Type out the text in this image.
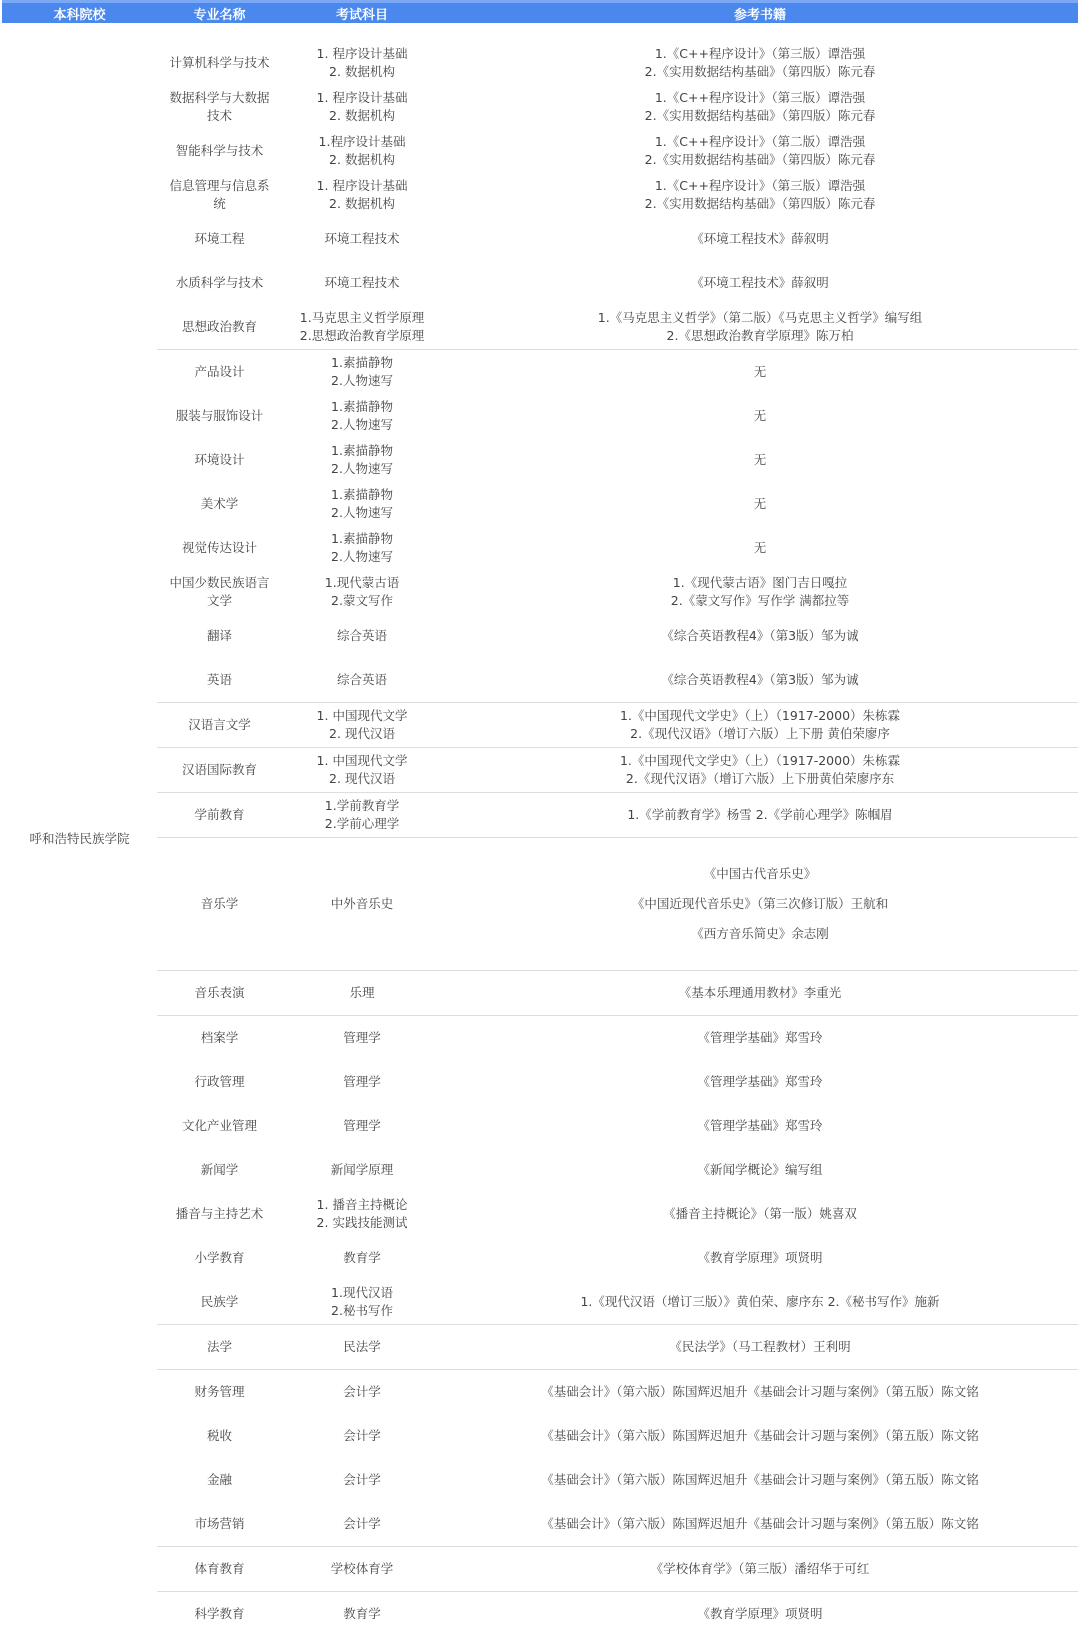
本科院校	专业名称	考试科目	参考书籍

呼和浩特民族学院	计算机科学与技术	1. 程序设计基础
2. 数据机构	1.《C++程序设计》（第三版）谭浩强
2.《实用数据结构基础》（第四版）陈元春

	数据科学与大数据
技术	1. 程序设计基础
2. 数据机构	1.《C++程序设计》（第三版）谭浩强
2.《实用数据结构基础》（第四版）陈元春

	智能科学与技术	1.程序设计基础
2. 数据机构	1.《C++程序设计》（第二版）谭浩强
2.《实用数据结构基础》（第四版）陈元春

	信息管理与信息系
统	1. 程序设计基础
2. 数据机构	1.《C++程序设计》（第三版）谭浩强
2.《实用数据结构基础》（第四版）陈元春

	环境工程	环境工程技术	《环境工程技术》薛叙明

	水质科学与技术	环境工程技术	《环境工程技术》薛叙明

	思想政治教育	1.马克思主义哲学原理
2.思想政治教育学原理	1.《马克思主义哲学》（第二版）《马克思主义哲学》编写组
2.《思想政治教育学原理》陈万柏

	产品设计	1.素描静物
2.人物速写	无

	服装与服饰设计	1.素描静物
2.人物速写	无

	环境设计	1.素描静物
2.人物速写	无

	美术学	1.素描静物
2.人物速写	无

	视觉传达设计	1.素描静物
2.人物速写	无

	中国少数民族语言
文学	1.现代蒙古语
2.蒙文写作	1.《现代蒙古语》图门吉日嘎拉
2.《蒙文写作》写作学 满都拉等

	翻译	综合英语	《综合英语教程4》（第3版）邹为诚

	英语	综合英语	《综合英语教程4》（第3版）邹为诚

	汉语言文学	1. 中国现代文学
2. 现代汉语	1.《中国现代文学史》（上）（1917-2000）朱栋霖
2.《现代汉语》（增订六版）上下册 黄伯荣廖序

	汉语国际教育	1. 中国现代文学
2. 现代汉语	1.《中国现代文学史》（上）（1917-2000）朱栋霖
2.《现代汉语》（增订六版）上下册黄伯荣廖序东

	学前教育	1.学前教育学
2.学前心理学	1.《学前教育学》杨雪 2.《学前心理学》陈帼眉

	音乐学	中外音乐史	《中国古代音乐史》
《中国近现代音乐史》（第三次修订版）王航和
《西方音乐简史》余志刚

	音乐表演	乐理	《基本乐理通用教材》李重光

	档案学	管理学	《管理学基础》郑雪玲

	行政管理	管理学	《管理学基础》郑雪玲

	文化产业管理	管理学	《管理学基础》郑雪玲

	新闻学	新闻学原理	《新闻学概论》编写组

	播音与主持艺术	1. 播音主持概论
2. 实践技能测试	《播音主持概论》（第一版）姚喜双

	小学教育	教育学	《教育学原理》项贤明

	民族学	1.现代汉语
2.秘书写作	1.《现代汉语（增订三版）》黄伯荣、廖序东 2.《秘书写作》施新

	法学	民法学	《民法学》（马工程教材）王利明

	财务管理	会计学	《基础会计》（第六版）陈国辉迟旭升《基础会计习题与案例》（第五版）陈文铭

	税收	会计学	《基础会计》（第六版）陈国辉迟旭升《基础会计习题与案例》（第五版）陈文铭

	金融	会计学	《基础会计》（第六版）陈国辉迟旭升《基础会计习题与案例》（第五版）陈文铭

	市场营销	会计学	《基础会计》（第六版）陈国辉迟旭升《基础会计习题与案例》（第五版）陈文铭

	体育教育	学校体育学	《学校体育学》（第三版）潘绍华于可红

	科学教育	教育学	《教育学原理》项贤明
